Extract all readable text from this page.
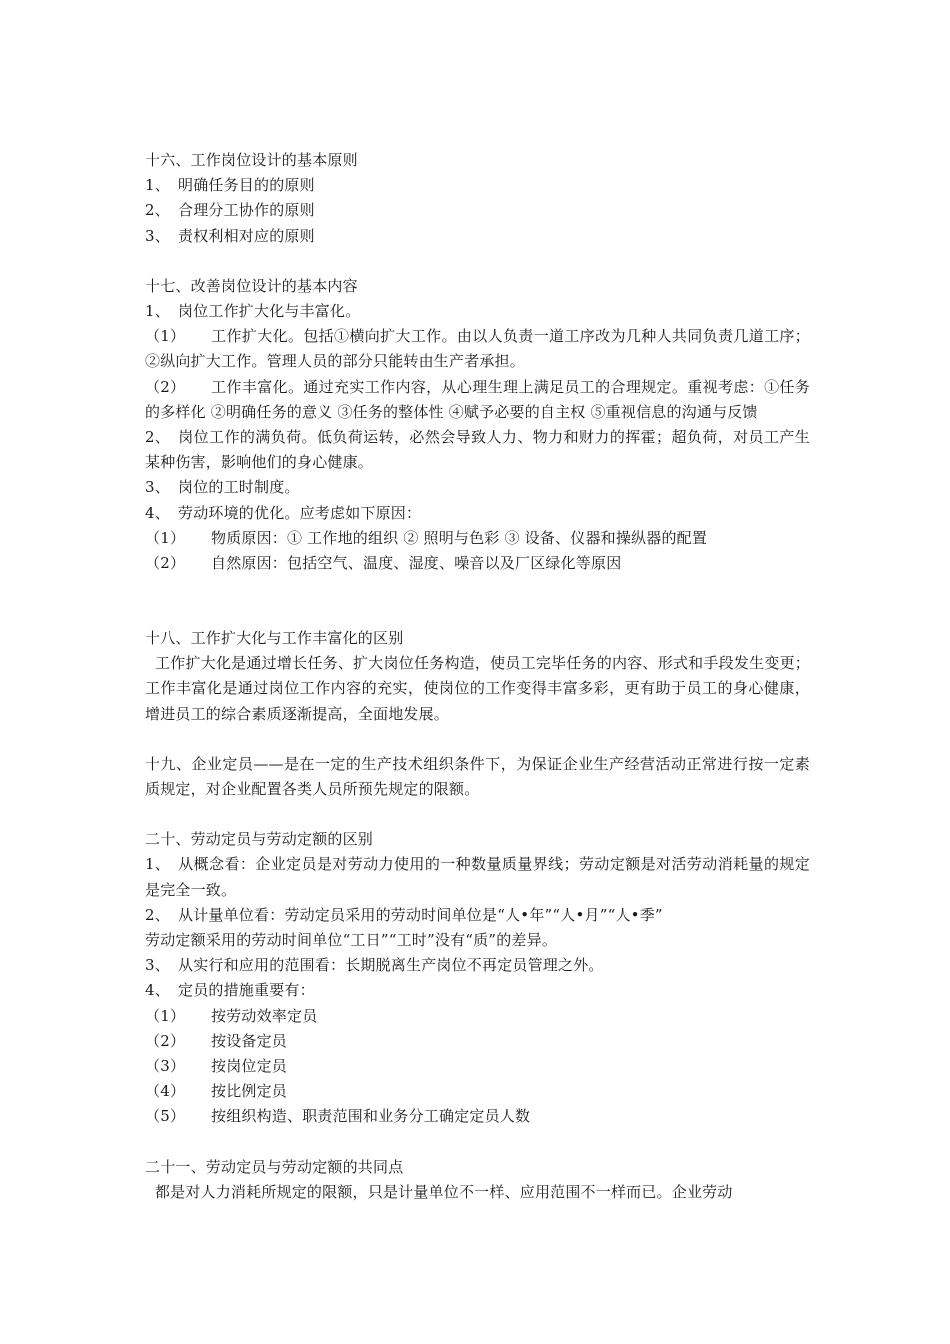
十六、工作岗位设计的基本原则
1、 明确任务目的的原则
2、 合理分工协作的原则
3、 责权利相对应的原则
十七、改善岗位设计的基本内容
1、 岗位工作扩大化与丰富化。
（1） 工作扩大化。包括①横向扩大工作。由以人负责一道工序改为几种人共同负责几道工序；②纵向扩大工作。管理人员的部分只能转由生产者承担。
（2） 工作丰富化。通过充实工作内容，从心理生理上满足员工的合理规定。重视考虑：①任务的多样化 ②明确任务的意义 ③任务的整体性 ④赋予必要的自主权 ⑤重视信息的沟通与反馈
2、 岗位工作的满负荷。低负荷运转，必然会导致人力、物力和财力的挥霍；超负荷，对员工产生某种伤害，影响他们的身心健康。
3、 岗位的工时制度。
4、 劳动环境的优化。应考虑如下原因：
（1） 物质原因：① 工作地的组织 ② 照明与色彩 ③ 设备、仪器和操纵器的配置
（2） 自然原因：包括空气、温度、湿度、噪音以及厂区绿化等原因
十八、工作扩大化与工作丰富化的区别
工作扩大化是通过增长任务、扩大岗位任务构造，使员工完毕任务的内容、形式和手段发生变更；工作丰富化是通过岗位工作内容的充实，使岗位的工作变得丰富多彩，更有助于员工的身心健康，增进员工的综合素质逐渐提高，全面地发展。
十九、企业定员——是在一定的生产技术组织条件下，为保证企业生产经营活动正常进行按一定素质规定，对企业配置各类人员所预先规定的限额。
二十、劳动定员与劳动定额的区别
1、 从概念看：企业定员是对劳动力使用的一种数量质量界线；劳动定额是对活劳动消耗量的规定是完全一致。
2、 从计量单位看：劳动定员采用的劳动时间单位是“人•年”“人•月”“人•季”
劳动定额采用的劳动时间单位“工日”“工时”没有“质”的差异。
3、 从实行和应用的范围看：长期脱离生产岗位不再定员管理之外。
4、 定员的措施重要有：
（1） 按劳动效率定员
（2） 按设备定员
（3） 按岗位定员
（4） 按比例定员
（5） 按组织构造、职责范围和业务分工确定定员人数
二十一、劳动定员与劳动定额的共同点
都是对人力消耗所规定的限额，只是计量单位不一样、应用范围不一样而已。企业劳动
